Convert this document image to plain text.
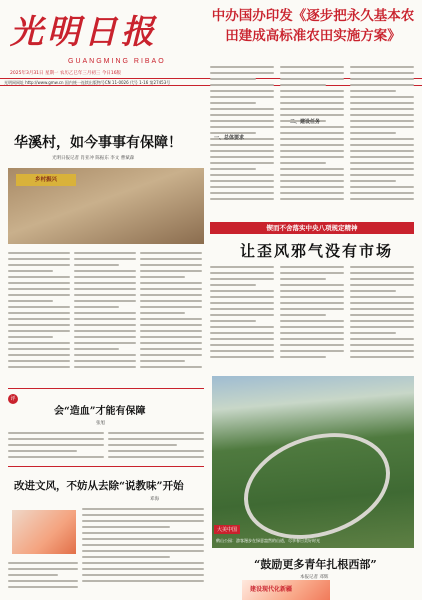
光明日报
GUANGMING RIBAO
2025年3月31日 星期一 农历乙巳年三月初三 今日16版
光明网网址 http://www.gmw.cn 国内统一连续出版物号CN 11-0026 代号 1-16 第27453号
中办国办印发《逐步把永久基本农田建成高标准农田实施方案》
一、总体要求
二、建设任务
华溪村，如今事事有保障！
光明日报记者 肖亚冲 陈振东 李文 曹斌森
乡村振兴
评
会“造血”才能有保障
张旭
改进文风，不妨从去除“说教味”开始
邓海
锲而不舍落实中央八项规定精神
让歪风邪气没有市场
大美中国
鹤山公园：游客漫步在绿意盎然的山道，尽享春日美好时光
“鼓励更多青年扎根西部”
本报记者 邓辉
建设现代化新疆
